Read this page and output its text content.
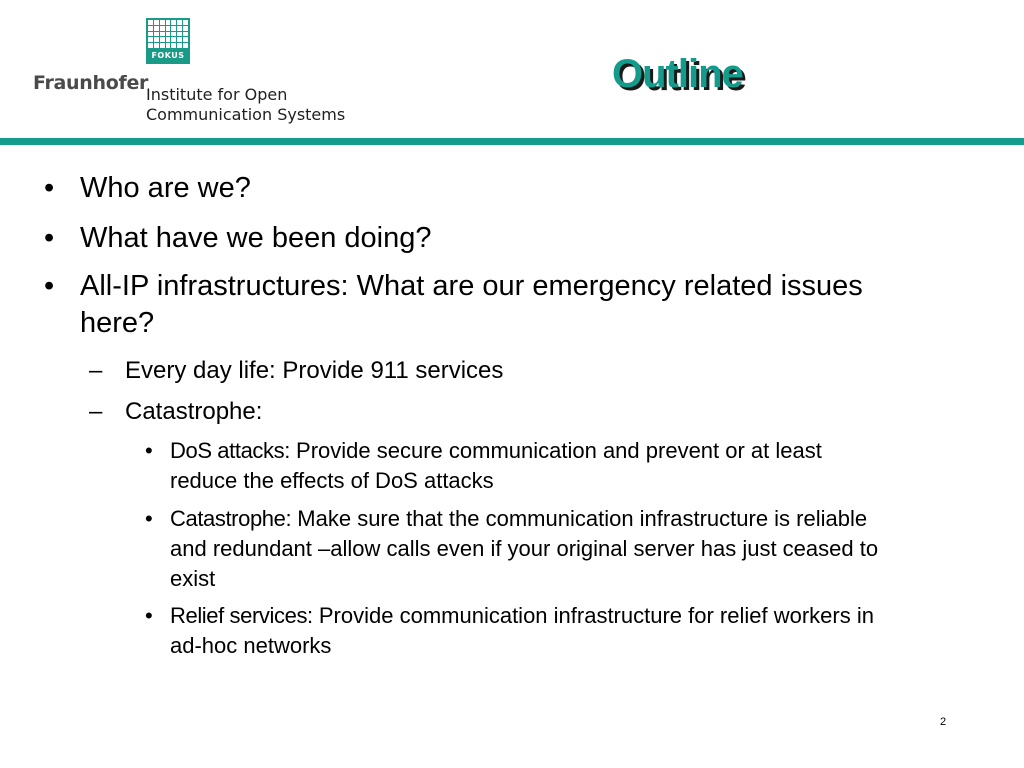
FOKUS
Fraunhofer
Institute for Open
Communication Systems
Outline
• Who are we?
• What have we been doing?
• All-IP infrastructures: What are our emergency related issues
here?
– Every day life: Provide 911 services
– Catastrophe:
• DoS attacks: Provide secure communication and prevent or at least
reduce the effects of DoS attacks
• Catastrophe: Make sure that the communication infrastructure is reliable
and redundant –allow calls even if your original server has just ceased to
exist
• Relief services: Provide communication infrastructure for relief workers in
ad-hoc networks
2
